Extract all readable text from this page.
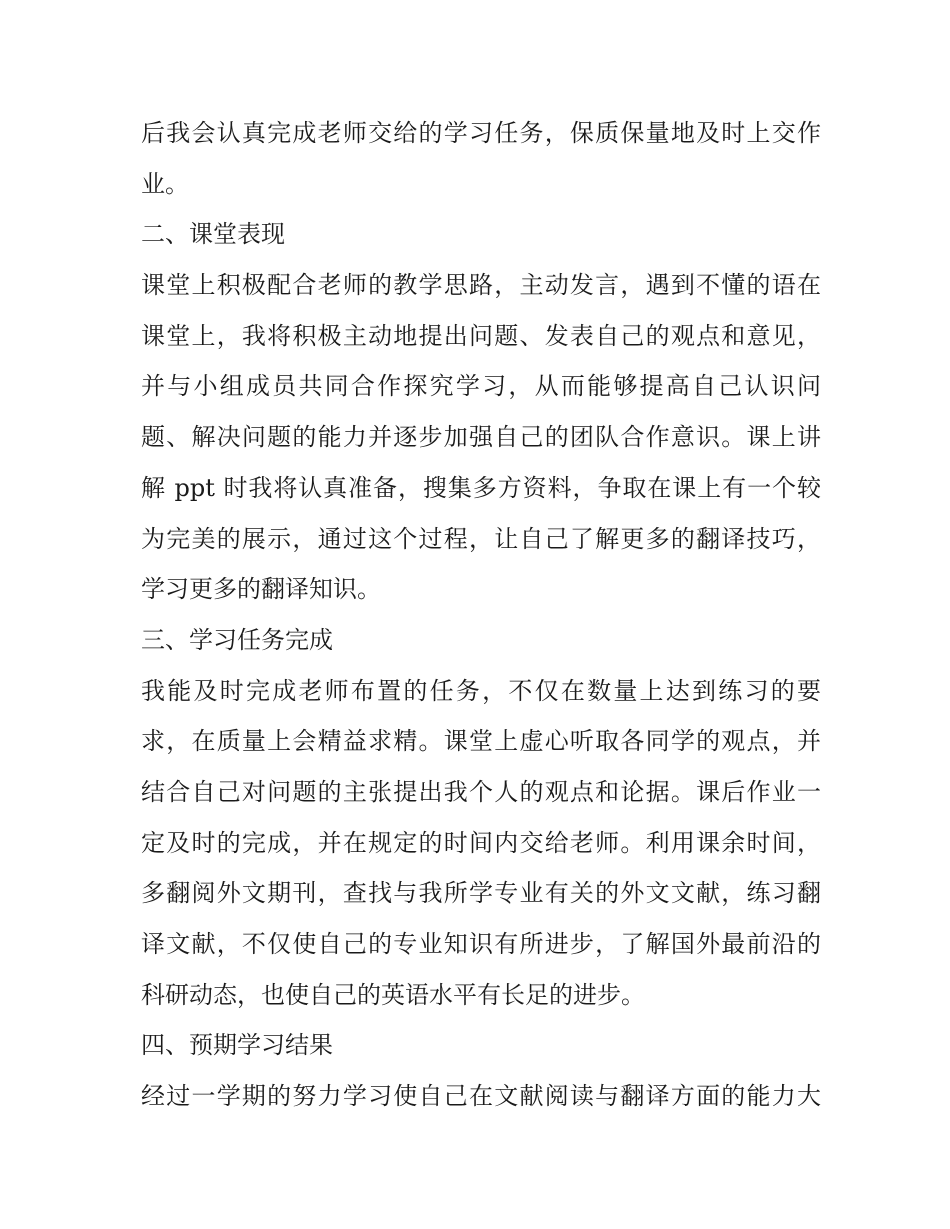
后我会认真完成老师交给的学习任务，保质保量地及时上交作
业。
二、课堂表现
课堂上积极配合老师的教学思路，主动发言，遇到不懂的语在
课堂上，我将积极主动地提出问题、发表自己的观点和意见，
并与小组成员共同合作探究学习，从而能够提高自己认识问
题、解决问题的能力并逐步加强自己的团队合作意识。课上讲
解 ppt 时我将认真准备，搜集多方资料，争取在课上有一个较
为完美的展示，通过这个过程，让自己了解更多的翻译技巧，
学习更多的翻译知识。
三、学习任务完成
我能及时完成老师布置的任务，不仅在数量上达到练习的要
求，在质量上会精益求精。课堂上虚心听取各同学的观点，并
结合自己对问题的主张提出我个人的观点和论据。课后作业一
定及时的完成，并在规定的时间内交给老师。利用课余时间，
多翻阅外文期刊，查找与我所学专业有关的外文文献，练习翻
译文献，不仅使自己的专业知识有所进步，了解国外最前沿的
科研动态，也使自己的英语水平有长足的进步。
四、预期学习结果
经过一学期的努力学习使自己在文献阅读与翻译方面的能力大
